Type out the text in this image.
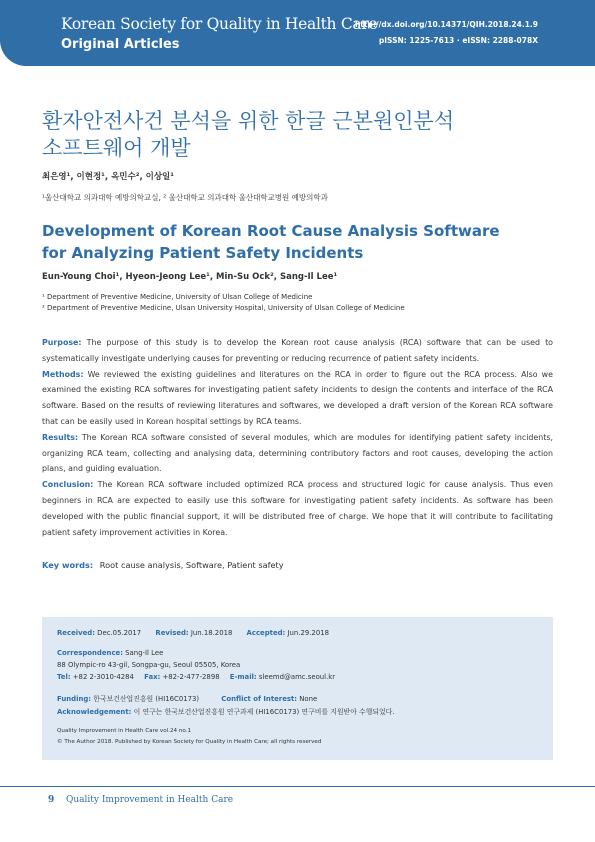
Korean Society for Quality in Health Care
Original Articles
http://dx.doi.org/10.14371/QIH.2018.24.1.9
pISSN: 1225-7613 · eISSN: 2288-078X
환자안전사건 분석을 위한 한글 근본원인분석
소프트웨어 개발
최은영¹, 이현정¹, 옥민수², 이상일¹
¹울산대학교 의과대학 예방의학교실, ² 울산대학교 의과대학 울산대학교병원 예방의학과
Development of Korean Root Cause Analysis Software
for Analyzing Patient Safety Incidents
Eun-Young Choi¹, Hyeon-Jeong Lee¹, Min-Su Ock², Sang-Il Lee¹
¹ Department of Preventive Medicine, University of Ulsan College of Medicine
² Department of Preventive Medicine, Ulsan University Hospital, University of Ulsan College of Medicine

Purpose: The purpose of this study is to develop the Korean root cause analysis (RCA) software that can be used to systematically investigate underlying causes for preventing or reducing recurrence of patient safety incidents.

Methods: We reviewed the existing guidelines and literatures on the RCA in order to figure out the RCA process. Also we examined the existing RCA softwares for investigating patient safety incidents to design the contents and interface of the RCA software. Based on the results of reviewing literatures and softwares, we developed a draft version of the Korean RCA software that can be easily used in Korean hospital settings by RCA teams.

Results: The Korean RCA software consisted of several modules, which are modules for identifying patient safety incidents, organizing RCA team, collecting and analysing data, determining contributory factors and root causes, developing the action plans, and guiding evaluation.

Conclusion: The Korean RCA software included optimized RCA process and structured logic for cause analysis. Thus even beginners in RCA are expected to easily use this software for investigating patient safety incidents. As software has been developed with the public financial support, it will be distributed free of charge. We hope that it will contribute to facilitating patient safety improvement activities in Korea.

Key words: Root cause analysis, Software, Patient safety
Received: Dec.05.2017 Revised: Jun.18.2018 Accepted: Jun.29.2018
Correspondence: Sang-Il Lee
88 Olympic-ro 43-gil, Songpa-gu, Seoul 05505, Korea
Tel: +82 2-3010-4284 Fax: +82-2-477-2898 E-mail: sleemd@amc.seoul.kr
Funding: 한국보건산업진흥원 (HI16C0173)	Conflict of Interest: None
Acknowledgement: 이 연구는 한국보건산업진흥원 연구과제 (HI16C0173) 연구비를 지원받아 수행되었다.
Quality Improvement in Health Care vol.24 no.1
© The Author 2018. Published by Korean Society for Quality in Health Care; all rights reserved
9 Quality Improvement in Health Care
